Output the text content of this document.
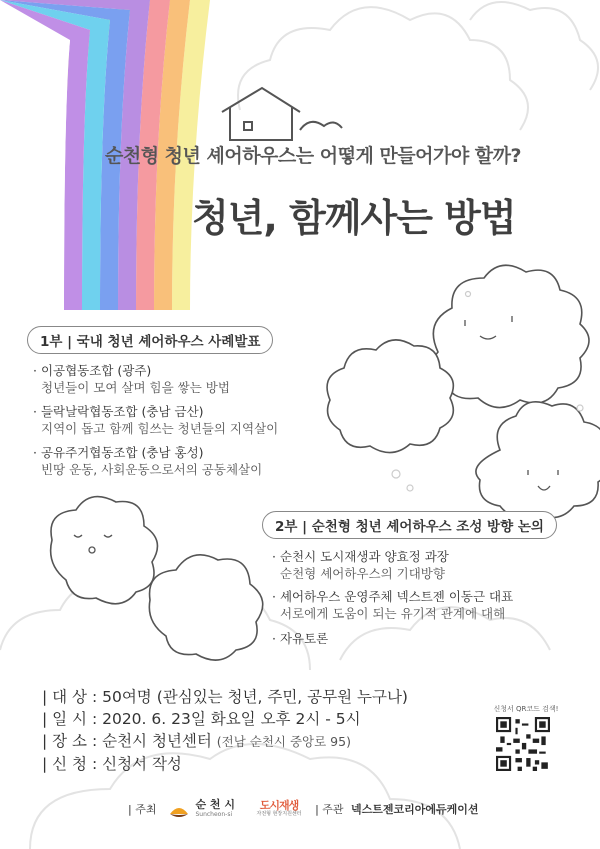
순천형 청년 셰어하우스는 어떻게 만들어가야 할까?
청년, 함께사는 방법
1부 | 국내 청년 셰어하우스 사례발표
· 이공협동조합 (광주)
청년들이 모여 살며 힘을 쌓는 방법
· 들락날락협동조합 (충남 금산)
지역이 돕고 함께 힘쓰는 청년들의 지역살이
· 공유주거협동조합 (충남 홍성)
빈땅 운동, 사회운동으로서의 공동체살이
2부 | 순천형 청년 셰어하우스 조성 방향 논의
· 순천시 도시재생과 양효정 과장
순천형 셰어하우스의 기대방향
· 셰어하우스 운영주체 넥스트젠 이동근 대표
서로에게 도움이 되는 유기적 관계에 대해
· 자유토론
| 대 상 : 50여명 (관심있는 청년, 주민, 공무원 누구나)
| 일 시 : 2020. 6. 23일 화요일 오후 2시 - 5시
| 장 소 : 순천시 청년센터 (전남 순천시 중앙로 95)
| 신 청 : 신청서 작성
신청서 QR코드 검색!
| 주최	순 천 시
Suncheon-si

도시재생
자전형 현장지원센터 | 주관 넥스트젠코리아에듀케이션
